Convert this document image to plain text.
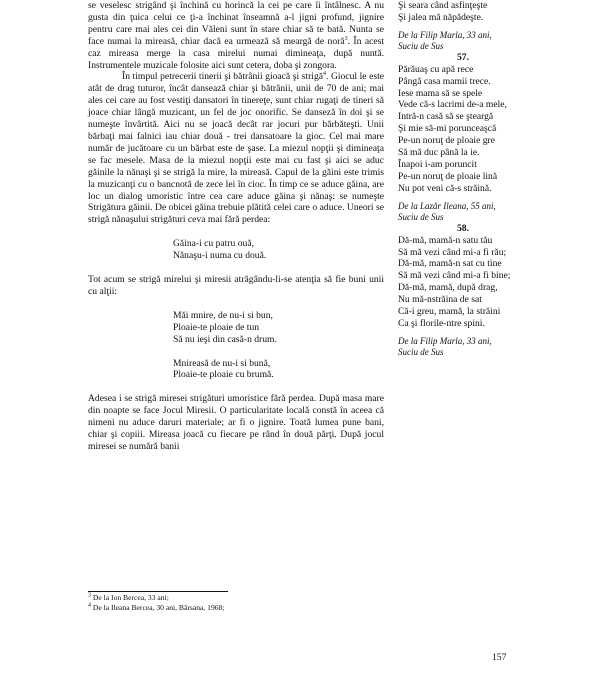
se veselesc strigând şi închină cu horincă la cei pe care îi întâlnesc. A nu gusta din ţuica celui ce ţi-a închinat înseamnă a-l jigni profund, jignire pentru care mai ales cei din Văleni sunt în stare chiar să te bată. Nunta se face numai la mireasă, chiar dacă ea urmează să meargă de noră$^3$. În acest caz mireasa merge la casa mirelui numai dimineaţa, după nuntă. Instrumentele muzicale folosite aici sunt cetera, doba şi zongora.

În timpul petrecerii tinerii şi bătrânii gioacă şi strigă$^4$. Giocul le este atât de drag tuturor, încât dansează chiar şi bătrânii, unii de 70 de ani; mai ales cei care au fost vestiţi dansatori în tinereţe, sunt chiar rugaţi de tineri să joace chiar lângă muzicant, un fel de joc onorific. Se danseză în doi şi se numeşte învârtită. Aici nu se joacă decât rar jocuri pur bărbăteşti. Unii bărbaţi mai falnici iau chiar două - trei dansatoare la gioc. Cel mai mare număr de jucătoare cu un bărbat este de şase. La miezul nopţii şi dimineaţa se fac mesele. Masa de la miezul nopţii este mai cu fast şi aici se aduc găinile la nănaşi şi se strigă la mire, la mireasă. Capul de la găini este trimis la muzicanţi cu o bancnotă de zece lei în cioc. În timp ce se aduce găina, are loc un dialog umoristic între cea care aduce găina şi nănaş: se numeşte Strigătura găinii. De obicei găina trebuie plătită celei care o aduce. Uneori se strigă nănaşului strigături ceva mai fără perdea:

Găina-i cu patru ouă,

Nănaşu-i numa cu două.

Tot acum se strigă mirelui şi miresii atrăgându-li-se atenţia să fie buni unii cu alţii:

Măi mnire, de nu-i si bun,

Ploaie-te ploaie de tun

Să nu ieşi din casă-n drum.

Mnireasă de nu-i si bună,

Ploaie-te ploaie cu brumă.

Adesea i se strigă miresei strigături umoristice fără perdea. După masa mare din noapte se face Jocul Miresii. O particularitate locală constă în aceea că nimeni nu aduce daruri materiale; ar fi o jignire. Toată lumea pune bani, chiar şi copiii. Mireasa joacă cu fiecare pe rând în două părţi. După jocul miresei se numără banii

$^3$ De la Ion Bercea, 33 ani;

$^4$ De la Ileana Bercea, 30 ani, Bârsana, 1968;

Şi seara când asfinţeşte

Şi jalea mă năpădeşte.

De la Filip Marla, 33 ani,

Suciu de Sus

57.

Părăuaş cu apă rece

Pângă casa mamii trece.

Iese mama să se spele

Vede că-s lacrimi de-a mele,

Intră-n casă să se şteargă

Şi mie să-mi porunceaşcă

Pe-un noruţ de ploaie gre

Să mă duc până la ie.

Înapoi i-am poruncit

Pe-un noruţ de ploaie lină

Nu pot veni că-s străină.

De la Lazăr Ileana, 55 ani,

Suciu de Sus

58.

Dă-mă, mamă-n satu tău

Să mă vezi când mi-a fi rău;

Dă-mă, mamă-n sat cu tine

Să mă vezi când mi-a fi bine;

Dă-mă, mamă, după drag,

Nu mă-nstrăina de sat

Că-i greu, mamă, la străini

Ca şi florile-ntre spini.

De la Filip Marla, 33 ani,

Suciu de Sus

157
